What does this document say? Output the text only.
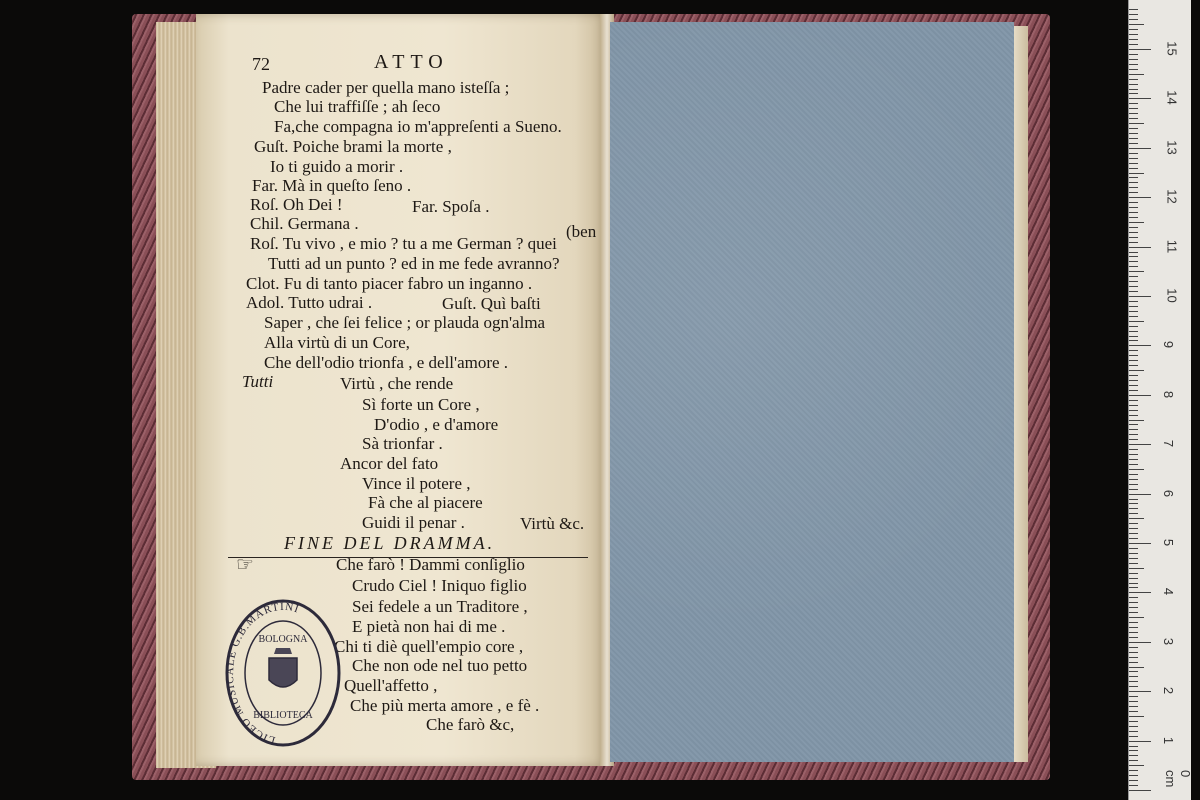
72	ATTO
Padre cader per quella mano isteſſa ;
Che lui traffiſſe ; ah ſeco
Fa,che compagna io m'appreſenti a Sueno.
Guſt. Poiche brami la morte ,
Io ti guido a morir .
Far. Mà in queſto ſeno .
Roſ. Oh Dei !	Far. Spoſa .
Chil. Germana .	(ben
Roſ. Tu vivo , e mio ? tu a me German ? quei
Tutti ad un punto ? ed in me fede avranno?
Clot. Fu di tanto piacer fabro un inganno .
Adol. Tutto udrai .	Guſt. Quì baſti
Saper , che ſei felice ; or plauda ogn'alma
Alla virtù di un Core,
Che dell'odio trionfa , e dell'amore .
Tutti	Virtù , che rende
Sì forte un Core ,
D'odio , e d'amore
Sà trionfar .
Ancor del fato
Vince il potere ,
Fà che al piacere
Guidi il penar .	Virtù &c.
FINE DEL DRAMMA.
☞	Che farò ! Dammi conſiglio
Crudo Ciel ! Iniquo figlio
Sei fedele a un Traditore ,
E pietà non hai di me .
Chi ti diè quell'empio core ,
Che non ode nel tuo petto
Quell'affetto ,
Che più merta amore , e fè .
Che farò &c,
LICEO MUSICALE G.B.MARTINI
BIBLIOTECA
BOLOGNA
0 cm
1
2
3
4
5
6
7
8
9
10
11
12
13
14
15
